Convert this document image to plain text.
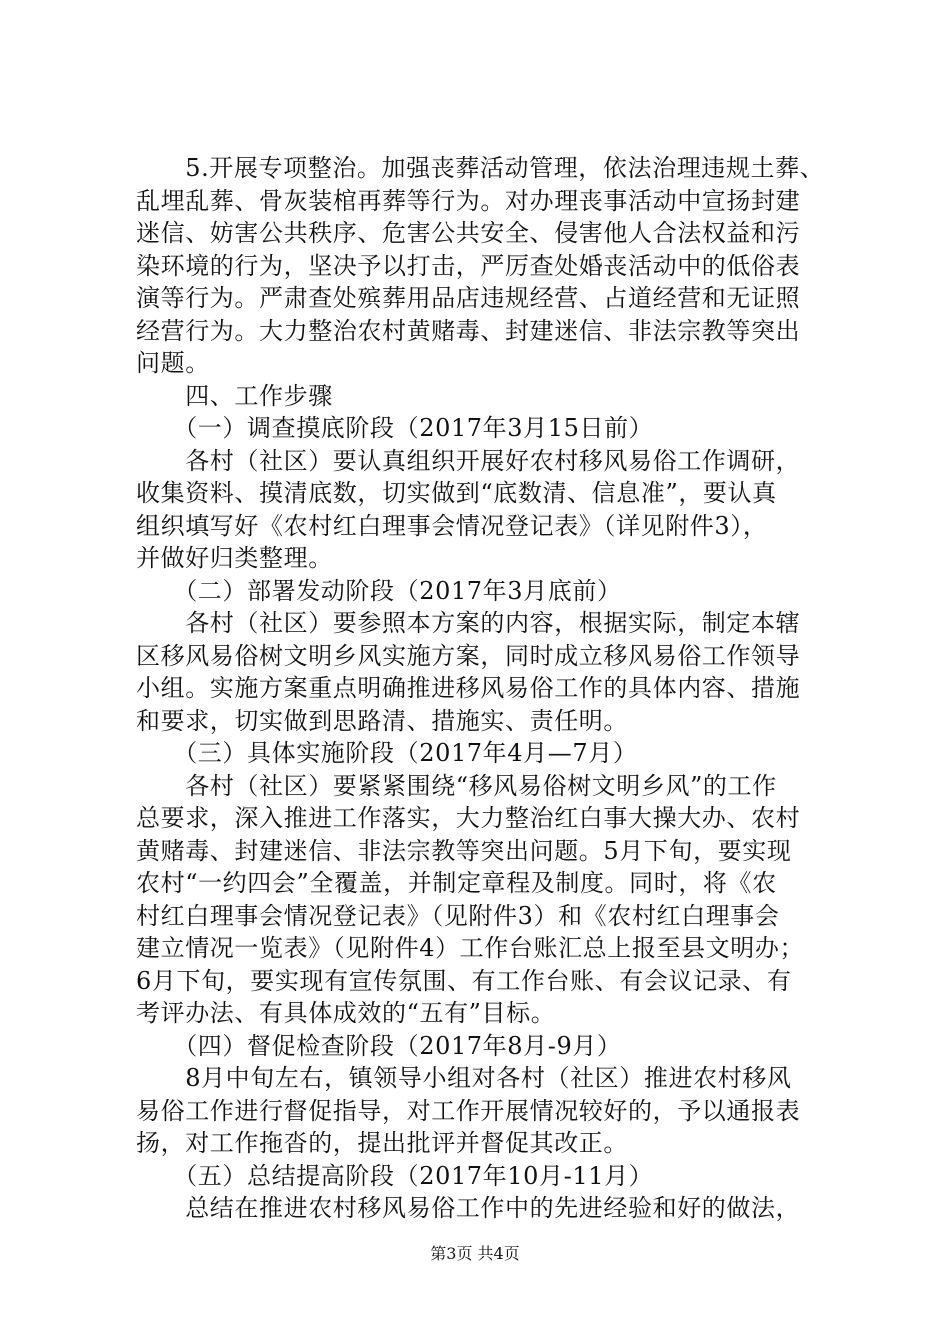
　　5.开展专项整治。加强丧葬活动管理，依法治理违规土葬、
乱埋乱葬、骨灰装棺再葬等行为。对办理丧事活动中宣扬封建
迷信、妨害公共秩序、危害公共安全、侵害他人合法权益和污
染环境的行为，坚决予以打击，严厉查处婚丧活动中的低俗表
演等行为。严肃查处殡葬用品店违规经营、占道经营和无证照
经营行为。大力整治农村黄赌毒、封建迷信、非法宗教等突出
问题。
　　四、工作步骤
　　（一）调查摸底阶段（2017年3月15日前）
　　各村（社区）要认真组织开展好农村移风易俗工作调研，
收集资料、摸清底数，切实做到“底数清、信息准”，要认真
组织填写好《农村红白理事会情况登记表》（详见附件3），
并做好归类整理。
　　（二）部署发动阶段（2017年3月底前）
　　各村（社区）要参照本方案的内容，根据实际，制定本辖
区移风易俗树文明乡风实施方案，同时成立移风易俗工作领导
小组。实施方案重点明确推进移风易俗工作的具体内容、措施
和要求，切实做到思路清、措施实、责任明。
　　（三）具体实施阶段（2017年4月—7月）
　　各村（社区）要紧紧围绕“移风易俗树文明乡风”的工作
总要求，深入推进工作落实，大力整治红白事大操大办、农村
黄赌毒、封建迷信、非法宗教等突出问题。5月下旬，要实现
农村“一约四会”全覆盖，并制定章程及制度。同时，将《农
村红白理事会情况登记表》（见附件3）和《农村红白理事会
建立情况一览表》（见附件4）工作台账汇总上报至县文明办；
6月下旬，要实现有宣传氛围、有工作台账、有会议记录、有
考评办法、有具体成效的“五有”目标。
　　（四）督促检查阶段（2017年8月-9月）
　　8月中旬左右，镇领导小组对各村（社区）推进农村移风
易俗工作进行督促指导，对工作开展情况较好的，予以通报表
扬，对工作拖沓的，提出批评并督促其改正。
　　（五）总结提高阶段（2017年10月-11月）
　　总结在推进农村移风易俗工作中的先进经验和好的做法，
第3页 共4页
